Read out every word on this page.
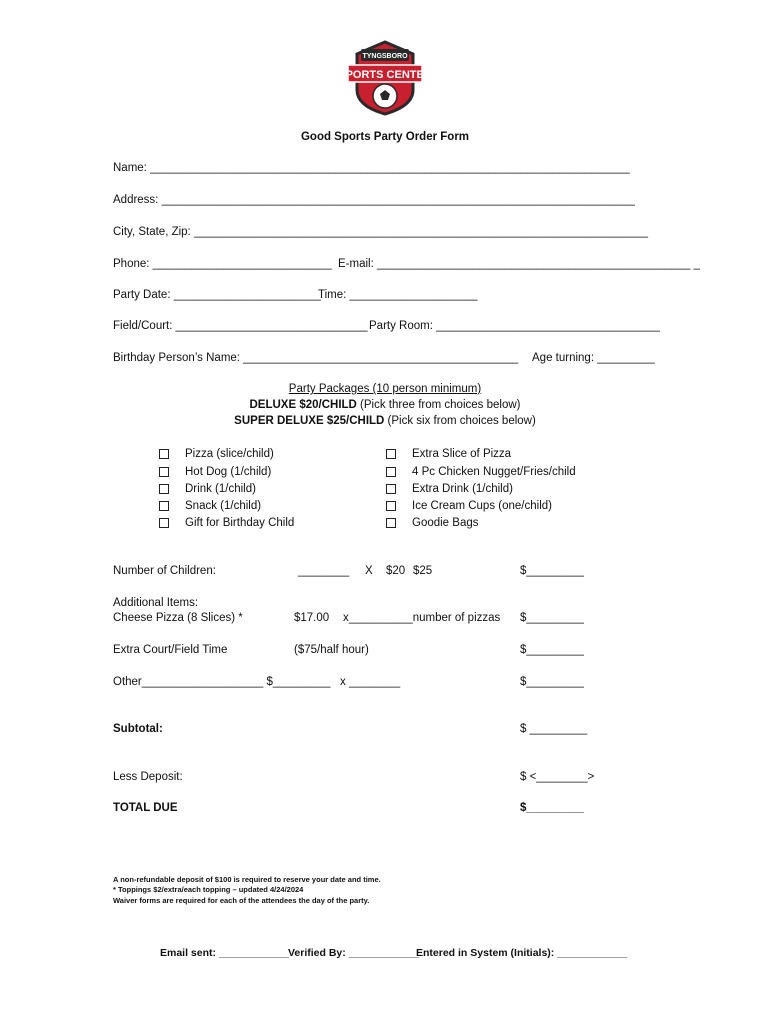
TYNGSBORO
SPORTS CENTER
Good Sports Party Order Form
Name: ___________________________________________________________________________
Address: __________________________________________________________________________
City, State, Zip: _______________________________________________________________________
Phone: ____________________________ E-mail: _________________________________________________ _
Party Date: _______________________
Time: ____________________
Field/Court: ______________________________ Party Room: ___________________________________
Birthday Person’s Name: ___________________________________________ Age turning: _________
Party Packages (10 person minimum)
DELUXE $20/CHILD (Pick three from choices below)
SUPER DELUXE $25/CHILD (Pick six from choices below)
Pizza (slice/child)
Hot Dog (1/child)
Drink (1/child)
Snack (1/child)
Gift for Birthday Child
Extra Slice of Pizza
4 Pc Chicken Nugget/Fries/child
Extra Drink (1/child)
Ice Cream Cups (one/child)
Goodie Bags
Number of Children:	________ X $20 $25	$_________
Additional Items:
Cheese Pizza (8 Slices) *	$17.00 x__________number of pizzas $_________
Extra Court/Field Time	($75/half hour)	$_________
Other___________________ $_________ x ________	$_________
Subtotal:	$ _________
Less Deposit:	$ <________>
TOTAL DUE	$_________
A non-refundable deposit of $100 is required to reserve your date and time.
* Toppings $2/extra/each topping – updated 4/24/2024
Waiver forms are required for each of the attendees the day of the party.
Email sent: ____________
Verified By: ____________
Entered in System (Initials): ____________
